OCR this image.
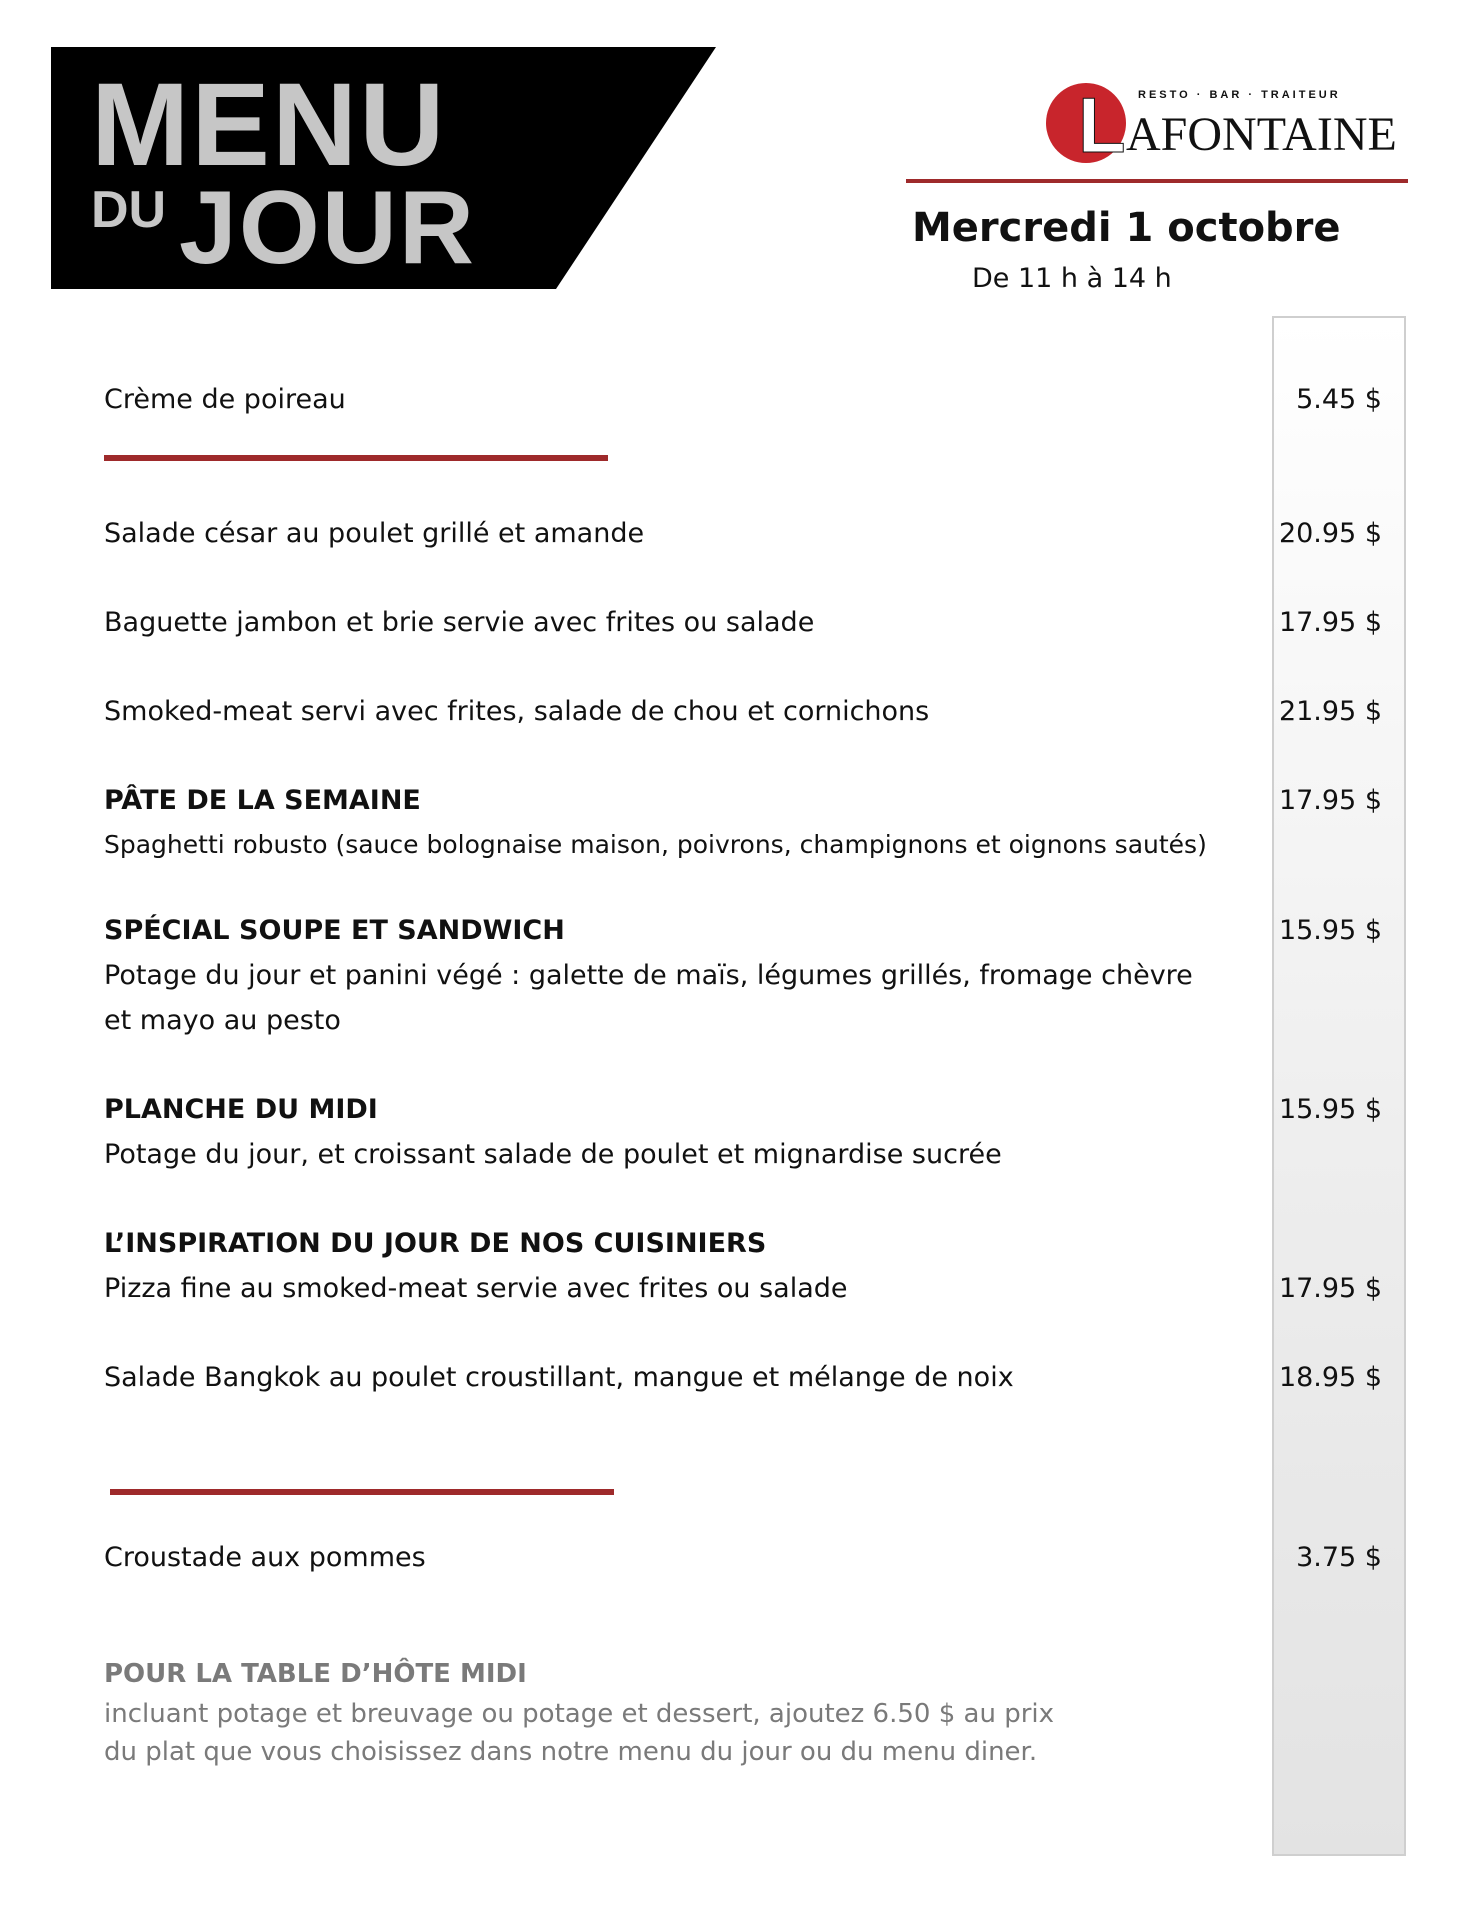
MENU
DU JOUR
L RESTO · BAR · TRAITEUR
AFONTAINE
Mercredi 1 octobre
De 11 h à 14 h
Crème de poireau	5.45 $
Salade césar au poulet grillé et amande	20.95 $
Baguette jambon et brie servie avec frites ou salade	17.95 $
Smoked-meat servi avec frites, salade de chou et cornichons	21.95 $
PÂTE DE LA SEMAINE	17.95 $
Spaghetti robusto (sauce bolognaise maison, poivrons, champignons et oignons sautés)
SPÉCIAL SOUPE ET SANDWICH	15.95 $
Potage du jour et panini végé : galette de maïs, légumes grillés, fromage chèvre
et mayo au pesto
PLANCHE DU MIDI	15.95 $
Potage du jour, et croissant salade de poulet et mignardise sucrée
L’INSPIRATION DU JOUR DE NOS CUISINIERS
Pizza fine au smoked-meat servie avec frites ou salade	17.95 $
Salade Bangkok au poulet croustillant, mangue et mélange de noix	18.95 $
Croustade aux pommes	3.75 $
POUR LA TABLE D’HÔTE MIDI
incluant potage et breuvage ou potage et dessert, ajoutez 6.50 $ au prix
du plat que vous choisissez dans notre menu du jour ou du menu diner.
